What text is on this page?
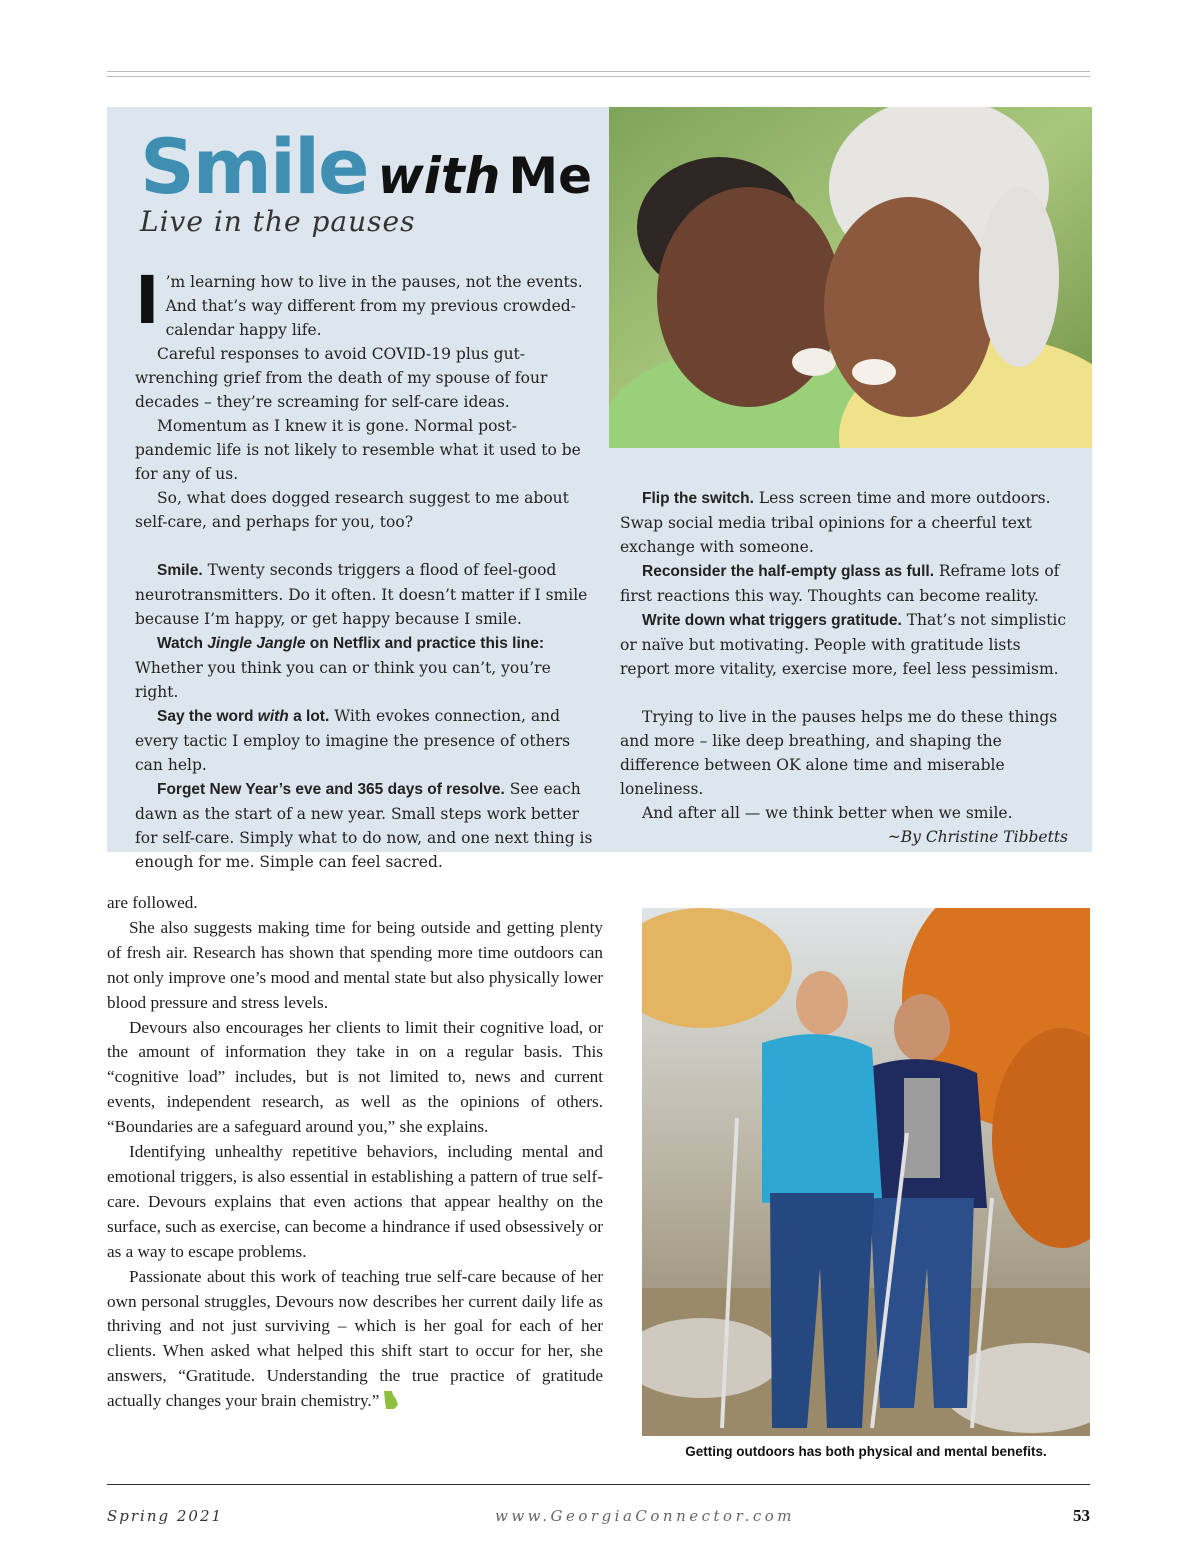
Smile with Me
Live in the pauses

I ’m learning how to live in the pauses, not the events. And that’s way different from my previous crowded-calendar happy life.

Careful responses to avoid COVID-19 plus gut-wrenching grief from the death of my spouse of four decades – they’re screaming for self-care ideas.

Momentum as I knew it is gone. Normal post-pandemic life is not likely to resemble what it used to be for any of us.

So, what does dogged research suggest to me about self-care, and perhaps for you, too?

Smile. Twenty seconds triggers a flood of feel-good neurotransmitters. Do it often. It doesn’t matter if I smile because I’m happy, or get happy because I smile.

Watch Jingle Jangle on Netflix and practice this line: Whether you think you can or think you can’t, you’re right.

Say the word with a lot. With evokes connection, and every tactic I employ to imagine the presence of others can help.

Forget New Year’s eve and 365 days of resolve. See each dawn as the start of a new year. Small steps work better for self-care. Simply what to do now, and one next thing is enough for me. Simple can feel sacred.

Flip the switch. Less screen time and more outdoors. Swap social media tribal opinions for a cheerful text exchange with someone.

Reconsider the half-empty glass as full. Reframe lots of first reactions this way. Thoughts can become reality.

Write down what triggers gratitude. That’s not simplistic or naïve but motivating. People with gratitude lists report more vitality, exercise more, feel less pessimism.

Trying to live in the pauses helps me do these things and more – like deep breathing, and shaping the difference between OK alone time and miserable loneliness.

And after all — we think better when we smile.

~By Christine Tibbetts

are followed.

She also suggests making time for being outside and getting plenty of fresh air. Research has shown that spending more time outdoors can not only improve one’s mood and mental state but also physically lower blood pressure and stress levels.

Devours also encourages her clients to limit their cognitive load, or the amount of information they take in on a regular basis. This “cognitive load” includes, but is not limited to, news and current events, independent research, as well as the opinions of others. “Boundaries are a safeguard around you,” she explains.

Identifying unhealthy repetitive behaviors, including mental and emotional triggers, is also essential in establishing a pattern of true self-care. Devours explains that even actions that appear healthy on the surface, such as exercise, can become a hindrance if used obsessively or as a way to escape problems.

Passionate about this work of teaching true self-care because of her own personal struggles, Devours now describes her current daily life as thriving and not just surviving – which is her goal for each of her clients. When asked what helped this shift start to occur for her, she answers, “Gratitude. Understanding the true practice of gratitude actually changes your brain chemistry.”

Getting outdoors has both physical and mental benefits.
Spring 2021	www.GeorgiaConnector.com	53
